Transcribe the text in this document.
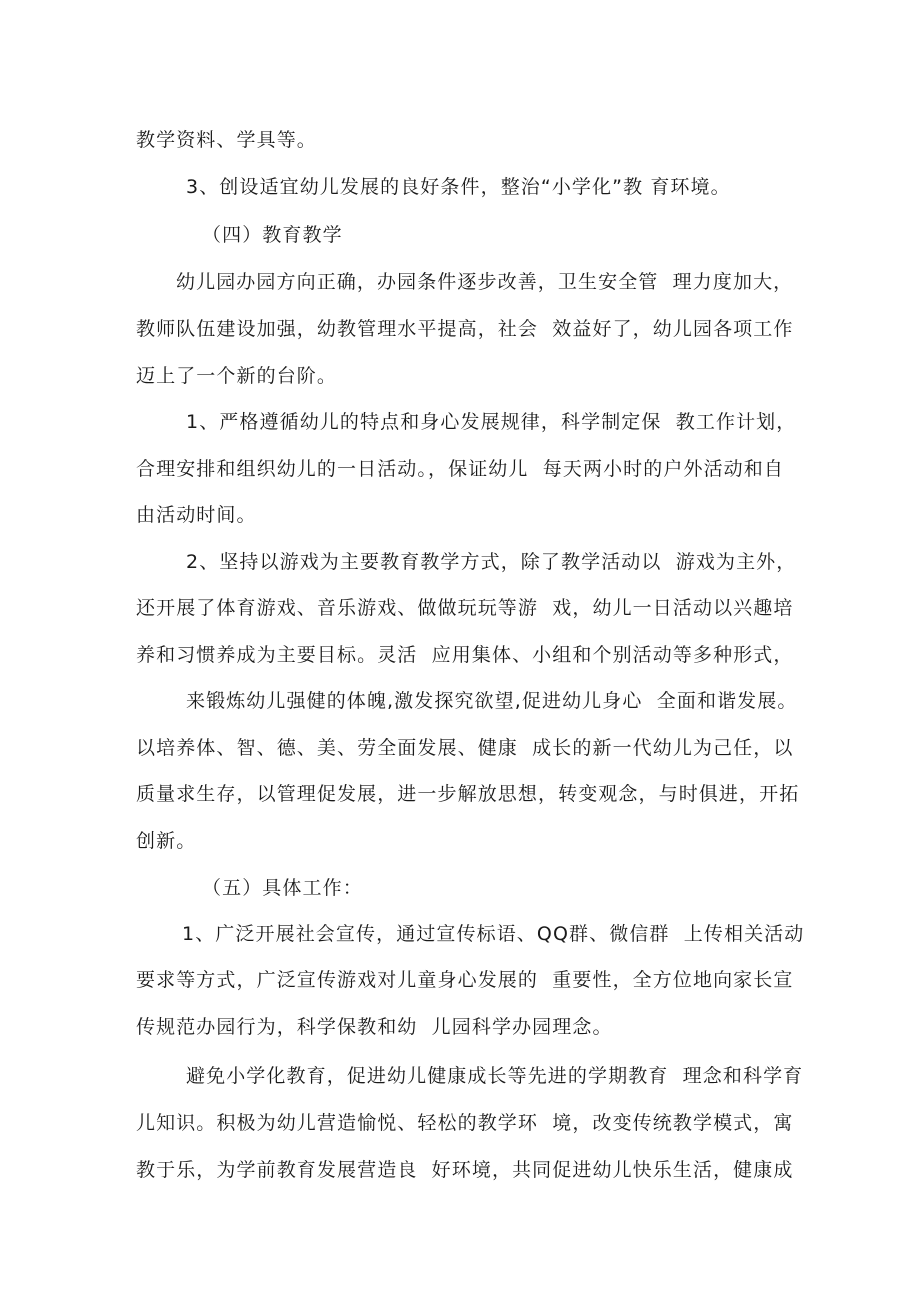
教学资料、学具等。
3、创设适宜幼儿发展的良好条件，整治“小学化”教 育环境。
（四）教育教学
幼儿园办园方向正确，办园条件逐步改善，卫生安全管  理力度加大，
教师队伍建设加强，幼教管理水平提高，社会  效益好了，幼儿园各项工作
迈上了一个新的台阶。
1、严格遵循幼儿的特点和身心发展规律，科学制定保  教工作计划，
合理安排和组织幼儿的一日活动。，保证幼儿  每天两小时的户外活动和自
由活动时间。
2、坚持以游戏为主要教育教学方式，除了教学活动以  游戏为主外，
还开展了体育游戏、音乐游戏、做做玩玩等游  戏，幼儿一日活动以兴趣培
养和习惯养成为主要目标。灵活  应用集体、小组和个别活动等多种形式，
来锻炼幼儿强健的体魄,激发探究欲望,促进幼儿身心  全面和谐发展。
以培养体、智、德、美、劳全面发展、健康  成长的新一代幼儿为己任，以
质量求生存，以管理促发展，进一步解放思想，转变观念，与时俱进，开拓
创新。
（五）具体工作：
1、广泛开展社会宣传，通过宣传标语、QQ群、微信群  上传相关活动
要求等方式，广泛宣传游戏对儿童身心发展的  重要性，全方位地向家长宣
传规范办园行为，科学保教和幼  儿园科学办园理念。
避免小学化教育，促进幼儿健康成长等先进的学期教育  理念和科学育
儿知识。积极为幼儿营造愉悦、轻松的教学环  境，改变传统教学模式，寓
教于乐，为学前教育发展营造良  好环境，共同促进幼儿快乐生活，健康成
